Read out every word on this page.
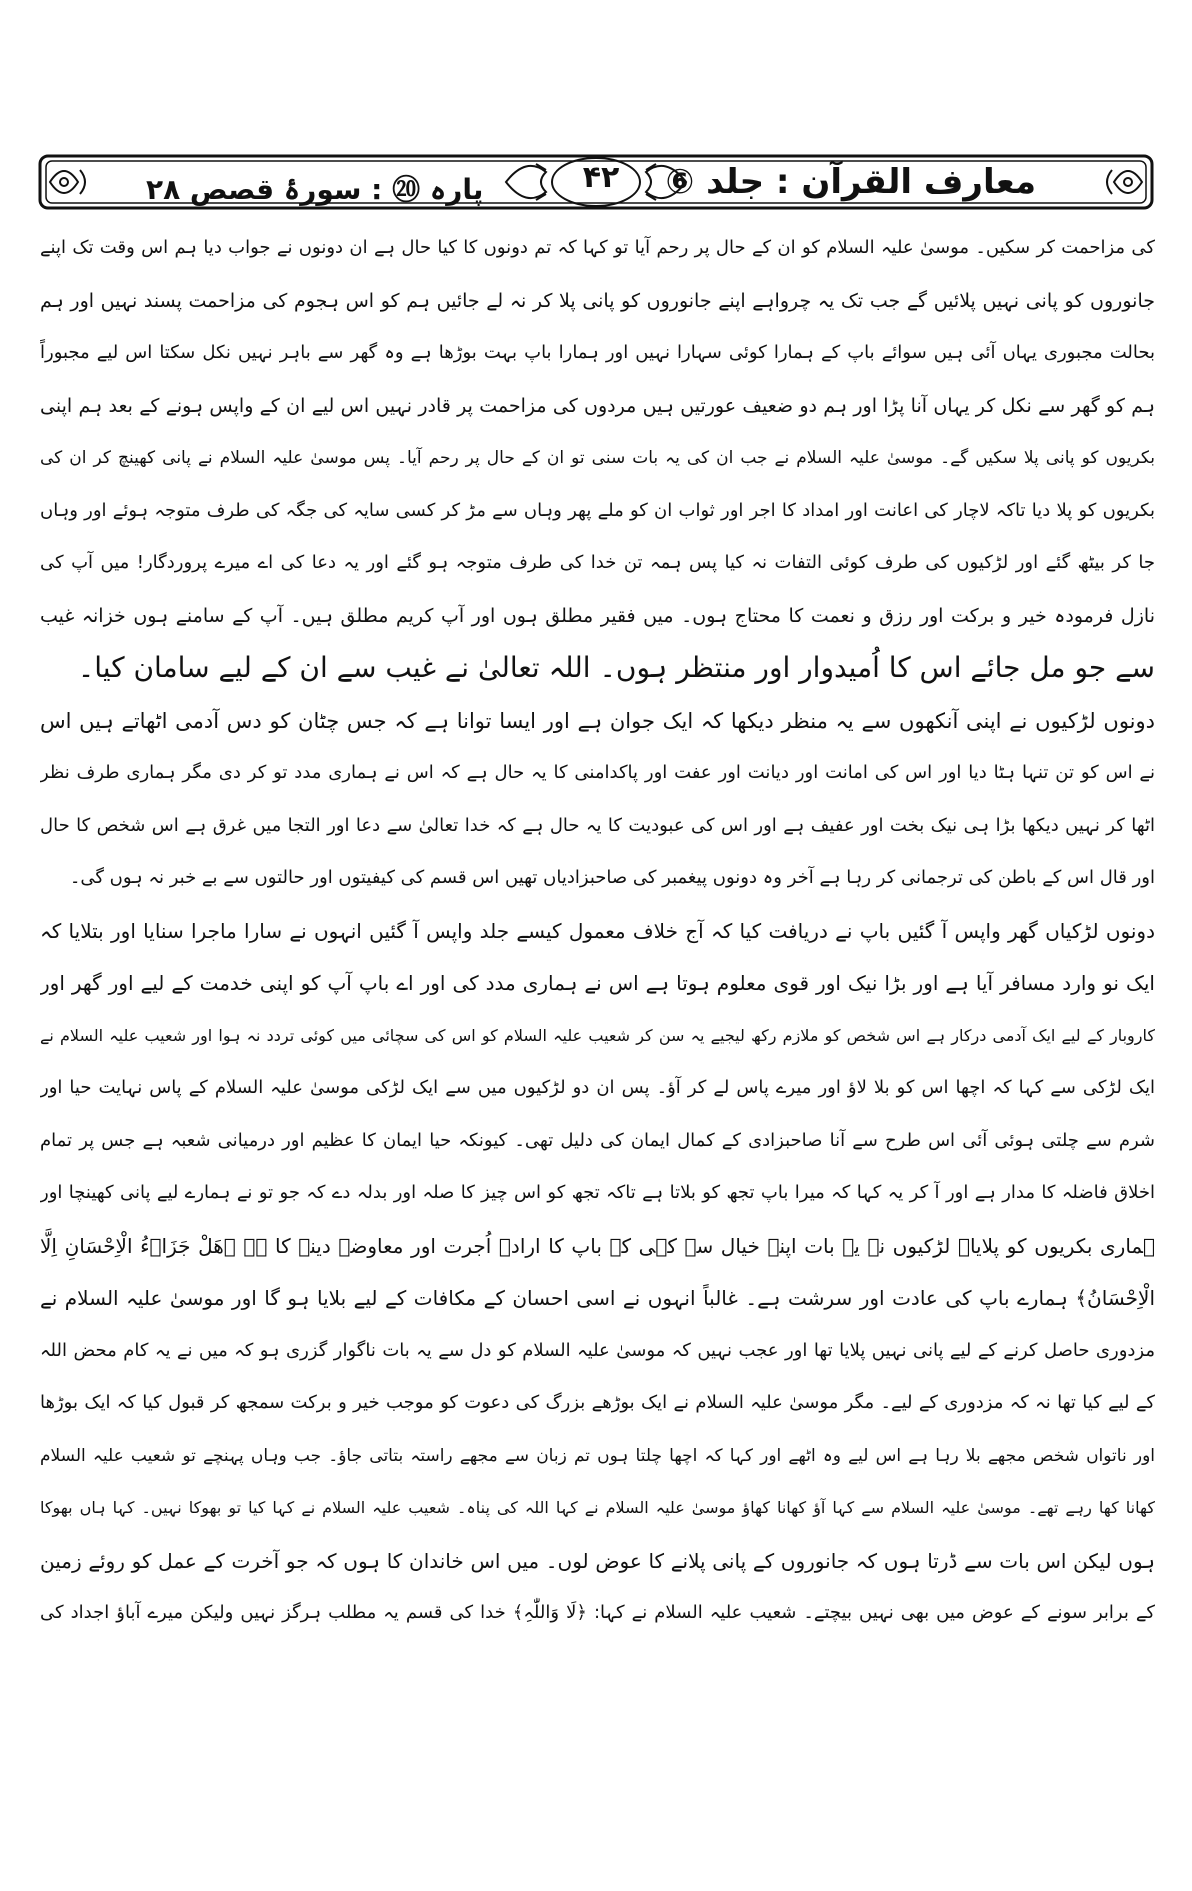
معارف القرآن : جلد ⑥
۴۲
پارہ ⑳ : سورۂ قصص ۲۸
کی مزاحمت کر سکیں۔ موسیٰ علیہ السلام کو ان کے حال پر رحم آیا تو کہا کہ تم دونوں کا کیا حال ہے ان دونوں نے جواب دیا ہم اس وقت تک اپنے
جانوروں کو پانی نہیں پلائیں گے جب تک یہ چرواہے اپنے جانوروں کو پانی پلا کر نہ لے جائیں ہم کو اس ہجوم کی مزاحمت پسند نہیں اور ہم
بحالت مجبوری یہاں آئی ہیں سوائے باپ کے ہمارا کوئی سہارا نہیں اور ہمارا باپ بہت بوڑھا ہے وہ گھر سے باہر نہیں نکل سکتا اس لیے مجبوراً
ہم کو گھر سے نکل کر یہاں آنا پڑا اور ہم دو ضعیف عورتیں ہیں مردوں کی مزاحمت پر قادر نہیں اس لیے ان کے واپس ہونے کے بعد ہم اپنی
بکریوں کو پانی پلا سکیں گے۔ موسیٰ علیہ السلام نے جب ان کی یہ بات سنی تو ان کے حال پر رحم آیا۔ پس موسیٰ علیہ السلام نے پانی کھینچ کر ان کی
بکریوں کو پلا دیا تاکہ لاچار کی اعانت اور امداد کا اجر اور ثواب ان کو ملے پھر وہاں سے مڑ کر کسی سایہ کی جگہ کی طرف متوجہ ہوئے اور وہاں
جا کر بیٹھ گئے اور لڑکیوں کی طرف کوئی التفات نہ کیا پس ہمہ تن خدا کی طرف متوجہ ہو گئے اور یہ دعا کی اے میرے پروردگار! میں آپ کی
نازل فرمودہ خیر و برکت اور رزق و نعمت کا محتاج ہوں۔ میں فقیر مطلق ہوں اور آپ کریم مطلق ہیں۔ آپ کے سامنے ہوں خزانہ غیب
سے جو مل جائے اس کا اُمیدوار اور منتظر ہوں۔ اللہ تعالیٰ نے غیب سے ان کے لیے سامان کیا۔
دونوں لڑکیوں نے اپنی آنکھوں سے یہ منظر دیکھا کہ ایک جوان ہے اور ایسا توانا ہے کہ جس چٹان کو دس آدمی اٹھاتے ہیں اس
نے اس کو تن تنہا ہٹا دیا اور اس کی امانت اور دیانت اور عفت اور پاکدامنی کا یہ حال ہے کہ اس نے ہماری مدد تو کر دی مگر ہماری طرف نظر
اٹھا کر نہیں دیکھا بڑا ہی نیک بخت اور عفیف ہے اور اس کی عبودیت کا یہ حال ہے کہ خدا تعالیٰ سے دعا اور التجا میں غرق ہے اس شخص کا حال
اور قال اس کے باطن کی ترجمانی کر رہا ہے آخر وہ دونوں پیغمبر کی صاحبزادیاں تھیں اس قسم کی کیفیتوں اور حالتوں سے بے خبر نہ ہوں گی۔
دونوں لڑکیاں گھر واپس آ گئیں باپ نے دریافت کیا کہ آج خلاف معمول کیسے جلد واپس آ گئیں انہوں نے سارا ماجرا سنایا اور بتلایا کہ
ایک نو وارد مسافر آیا ہے اور بڑا نیک اور قوی معلوم ہوتا ہے اس نے ہماری مدد کی اور اے باپ آپ کو اپنی خدمت کے لیے اور گھر اور
کاروبار کے لیے ایک آدمی درکار ہے اس شخص کو ملازم رکھ لیجیے یہ سن کر شعیب علیہ السلام کو اس کی سچائی میں کوئی تردد نہ ہوا اور شعیب علیہ السلام نے
ایک لڑکی سے کہا کہ اچھا اس کو بلا لاؤ اور میرے پاس لے کر آؤ۔ پس ان دو لڑکیوں میں سے ایک لڑکی موسیٰ علیہ السلام کے پاس نہایت حیا اور
شرم سے چلتی ہوئی آئی اس طرح سے آنا صاحبزادی کے کمال ایمان کی دلیل تھی۔ کیونکہ حیا ایمان کا عظیم اور درمیانی شعبہ ہے جس پر تمام
اخلاق فاضلہ کا مدار ہے اور آ کر یہ کہا کہ میرا باپ تجھ کو بلاتا ہے تاکہ تجھ کو اس چیز کا صلہ اور بدلہ دے کہ جو تو نے ہمارے لیے پانی کھینچا اور
ہماری بکریوں کو پلایا۔ لڑکیوں نے یہ بات اپنے خیال سے کہی کہ باپ کا ارادہ اُجرت اور معاوضہ دینے کا ہے ﴿ھَلْ جَزَاۗءُ الْاِحْسَانِ اِلَّا
الْاِحْسَانُ﴾ ہمارے باپ کی عادت اور سرشت ہے۔ غالباً انہوں نے اسی احسان کے مکافات کے لیے بلایا ہو گا اور موسیٰ علیہ السلام نے
مزدوری حاصل کرنے کے لیے پانی نہیں پلایا تھا اور عجب نہیں کہ موسیٰ علیہ السلام کو دل سے یہ بات ناگوار گزری ہو کہ میں نے یہ کام محض اللہ
کے لیے کیا تھا نہ کہ مزدوری کے لیے۔ مگر موسیٰ علیہ السلام نے ایک بوڑھے بزرگ کی دعوت کو موجب خیر و برکت سمجھ کر قبول کیا کہ ایک بوڑھا
اور ناتواں شخص مجھے بلا رہا ہے اس لیے وہ اٹھے اور کہا کہ اچھا چلتا ہوں تم زبان سے مجھے راستہ بتاتی جاؤ۔ جب وہاں پہنچے تو شعیب علیہ السلام
کھانا کھا رہے تھے۔ موسیٰ علیہ السلام سے کہا آؤ کھانا کھاؤ موسیٰ علیہ السلام نے کہا اللہ کی پناہ۔ شعیب علیہ السلام نے کہا کیا تو بھوکا نہیں۔ کہا ہاں بھوکا
ہوں لیکن اس بات سے ڈرتا ہوں کہ جانوروں کے پانی پلانے کا عوض لوں۔ میں اس خاندان کا ہوں کہ جو آخرت کے عمل کو روئے زمین
کے برابر سونے کے عوض میں بھی نہیں بیچتے۔ شعیب علیہ السلام نے کہا: ﴿لَا وَاللّٰہِ﴾ خدا کی قسم یہ مطلب ہرگز نہیں ولیکن میرے آباؤ اجداد کی
